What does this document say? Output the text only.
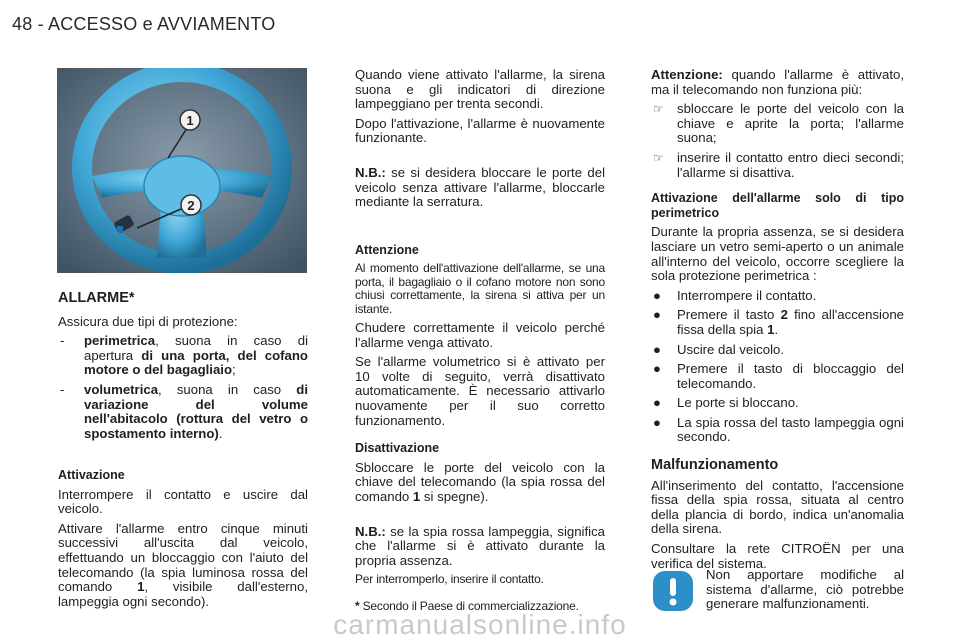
48 - ACCESSO e AVVIAMENTO
1
2
ALLARME*

Assicura due tipi di protezione:

- perimetrica, suona in caso di apertura di una porta, del cofano motore o del bagagliaio;
- volumetrica, suona in caso di variazione del volume nell'abitacolo (rottura del vetro o spostamento interno).
Attivazione

Interrompere il contatto e uscire dal veicolo.

Attivare l'allarme entro cinque minuti successivi all'uscita dal veicolo, effettuando un bloccaggio con l'aiuto del telecomando (la spia luminosa rossa del comando 1, visibile dall'esterno, lampeggia ogni secondo).

Quando viene attivato l'allarme, la sirena suona e gli indicatori di direzione lampeggiano per trenta secondi.

Dopo l'attivazione, l'allarme è nuovamente funzionante.

N.B.: se si desidera bloccare le porte del veicolo senza attivare l'allarme, bloccarle mediante la serratura.

Attenzione

Al momento dell'attivazione dell'allarme, se una porta, il bagagliaio o il cofano motore non sono chiusi correttamente, la sirena si attiva per un istante.

Chudere correttamente il veicolo perché l'allarme venga attivato.

Se l'allarme volumetrico si è attivato per 10 volte di seguito, verrà disattivato automaticamente. È necessario attivarlo nuovamente per il suo corretto funzionamento.

Disattivazione

Sbloccare le porte del veicolo con la chiave del telecomando (la spia rossa del comando 1 si spegne).

N.B.: se la spia rossa lampeggia, significa che l'allarme si è attivato durante la propria assenza.

Per interromperlo, inserire il contatto.

* Secondo il Paese di commercializzazione.

Attenzione: quando l'allarme è attivato, ma il telecomando non funziona più:

☞ sbloccare le porte del veicolo con la chiave e aprite la porta; l'allarme suona;
☞ inserire il contatto entro dieci secondi; l'allarme si disattiva.
Attivazione dell'allarme solo di tipo perimetrico

Durante la propria assenza, se si desidera lasciare un vetro semi-aperto o un animale all'interno del veicolo, occorre scegliere la sola protezione perimetrica :

● Interrompere il contatto.
● Premere il tasto 2 fino all'accensione fissa della spia 1.
● Uscire dal veicolo.
● Premere il tasto di bloccaggio del telecomando.
● Le porte si bloccano.
● La spia rossa del tasto lampeggia ogni secondo.
Malfunzionamento

All'inserimento del contatto, l'accensione fissa della spia rossa, situata al centro della plancia di bordo, indica un'anomalia della sirena.

Consultare la rete CITROËN per una verifica del sistema.

Non apportare modifiche al sistema d'allarme, ciò potrebbe generare malfunzionamenti.
carmanualsonline.info
